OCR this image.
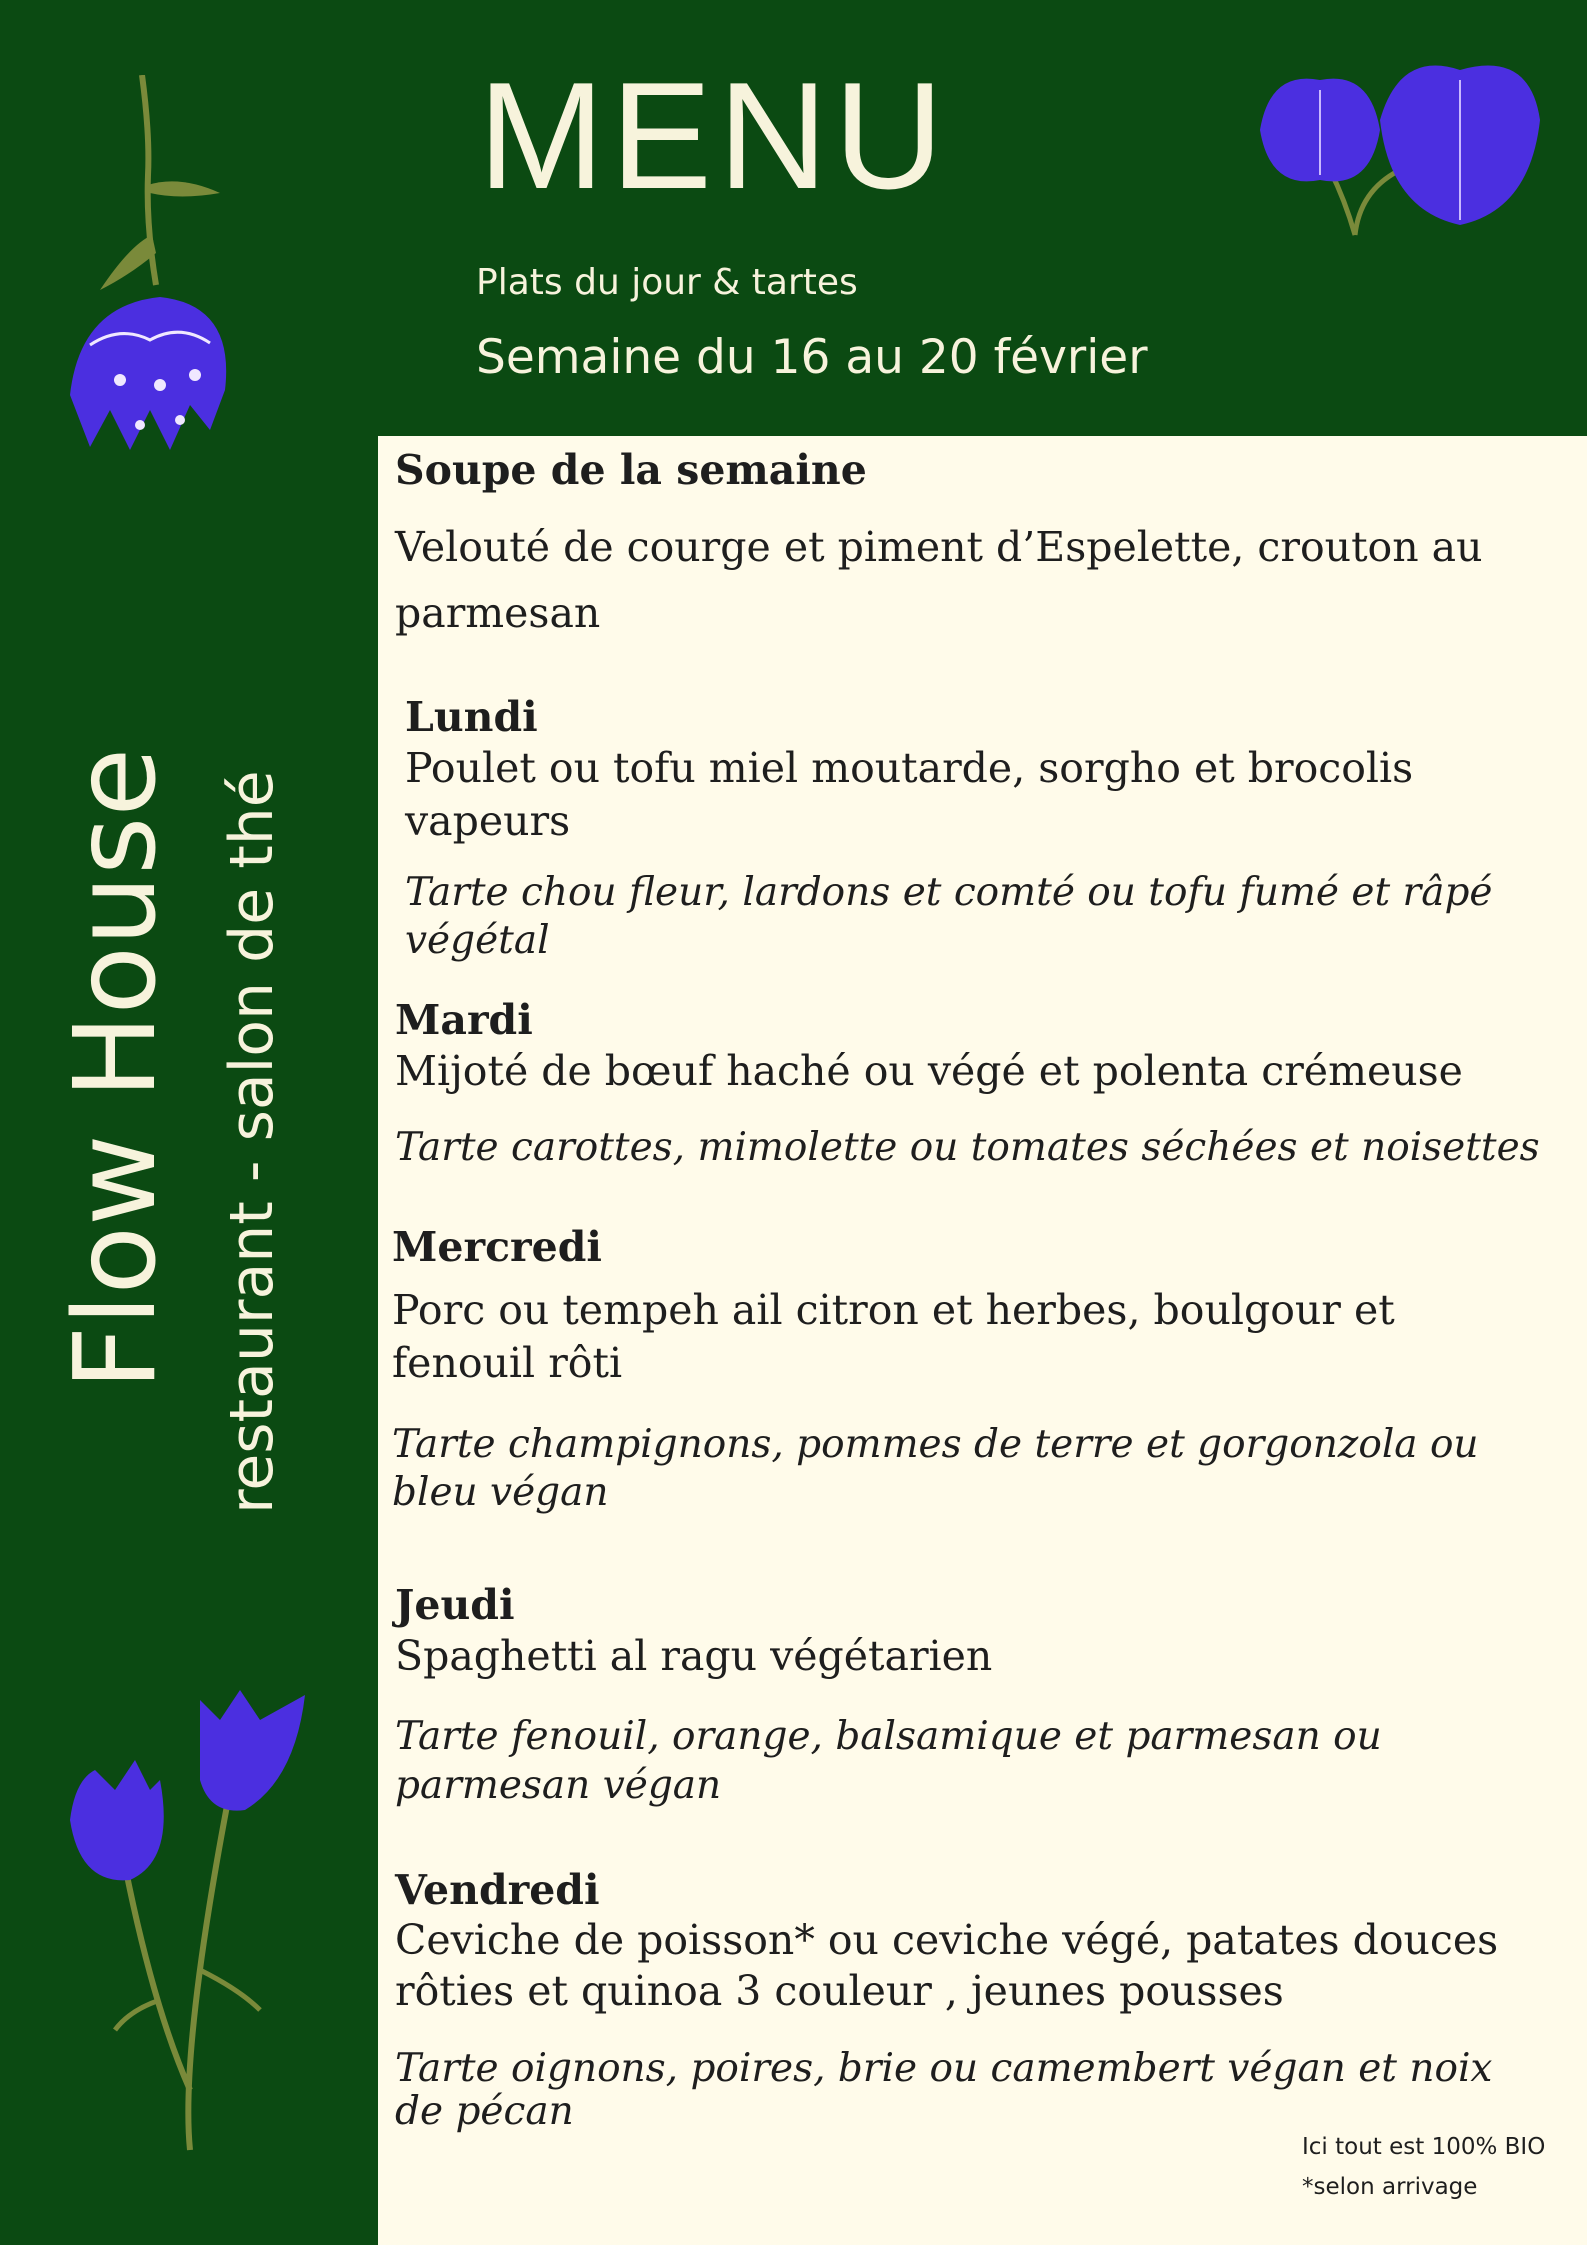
MENU

Plats du jour & tartes

Semaine du 16 au 20 février

Flow House restaurant - salon de thé

Soupe de la semaine

Velouté de courge et piment d’Espelette, crouton au parmesan

Lundi

Poulet ou tofu miel moutarde, sorgho et brocolis vapeurs

Tarte chou fleur, lardons et comté ou tofu fumé et râpé végétal

Mardi

Mijoté de bœuf haché ou végé et polenta crémeuse

Tarte carottes, mimolette ou tomates séchées et noisettes

Mercredi

Porc ou tempeh ail citron et herbes, boulgour et fenouil rôti

Tarte champignons, pommes de terre et gorgonzola ou bleu végan

Jeudi

Spaghetti al ragu végétarien

Tarte fenouil, orange, balsamique et parmesan ou parmesan végan

Vendredi

Ceviche de poisson* ou ceviche végé, patates douces rôties et quinoa 3 couleur , jeunes pousses

Tarte oignons, poires, brie ou camembert végan et noix de pécan

Ici tout est 100% BIO
*selon arrivage
